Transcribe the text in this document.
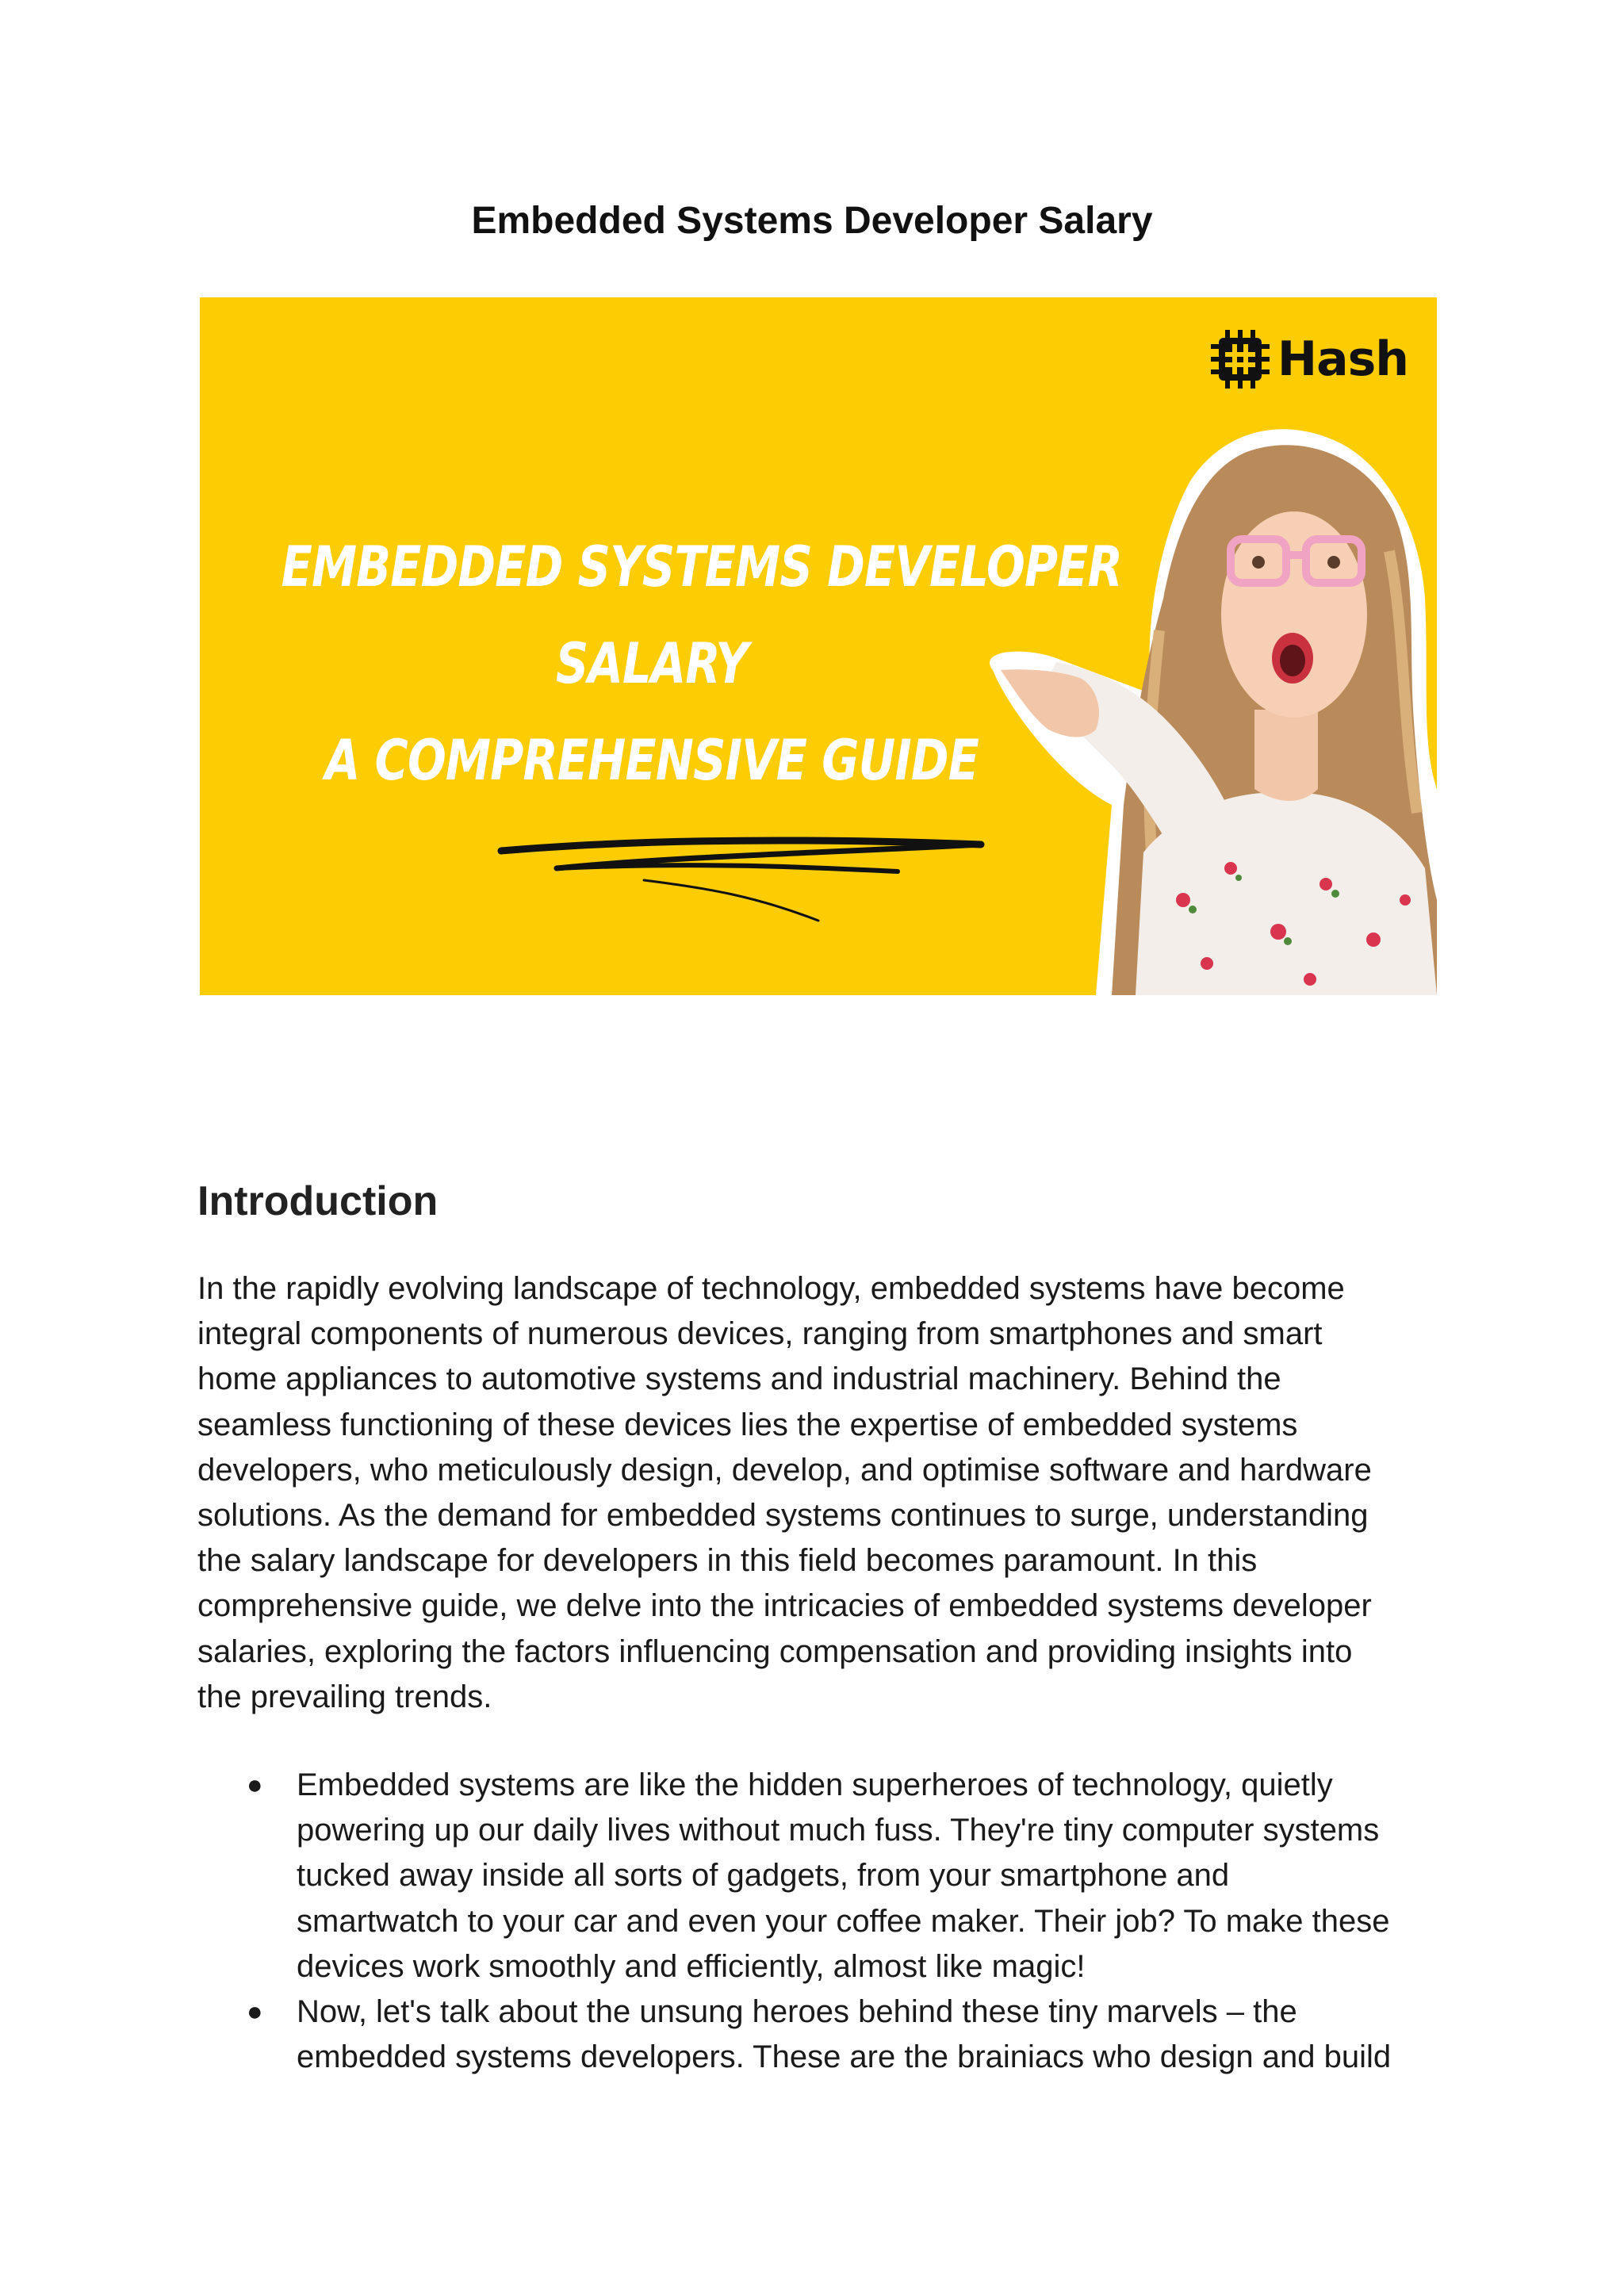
Embedded Systems Developer Salary
Hash
EMBEDDED SYSTEMS DEVELOPER
SALARY
A COMPREHENSIVE GUIDE
Introduction

In the rapidly evolving landscape of technology, embedded systems have become
integral components of numerous devices, ranging from smartphones and smart
home appliances to automotive systems and industrial machinery. Behind the
seamless functioning of these devices lies the expertise of embedded systems
developers, who meticulously design, develop, and optimise software and hardware
solutions. As the demand for embedded systems continues to surge, understanding
the salary landscape for developers in this field becomes paramount. In this
comprehensive guide, we delve into the intricacies of embedded systems developer
salaries, exploring the factors influencing compensation and providing insights into
the prevailing trends.

● Embedded systems are like the hidden superheroes of technology, quietly
powering up our daily lives without much fuss. They're tiny computer systems
tucked away inside all sorts of gadgets, from your smartphone and
smartwatch to your car and even your coffee maker. Their job? To make these
devices work smoothly and efficiently, almost like magic!
● Now, let's talk about the unsung heroes behind these tiny marvels – the
embedded systems developers. These are the brainiacs who design and build
